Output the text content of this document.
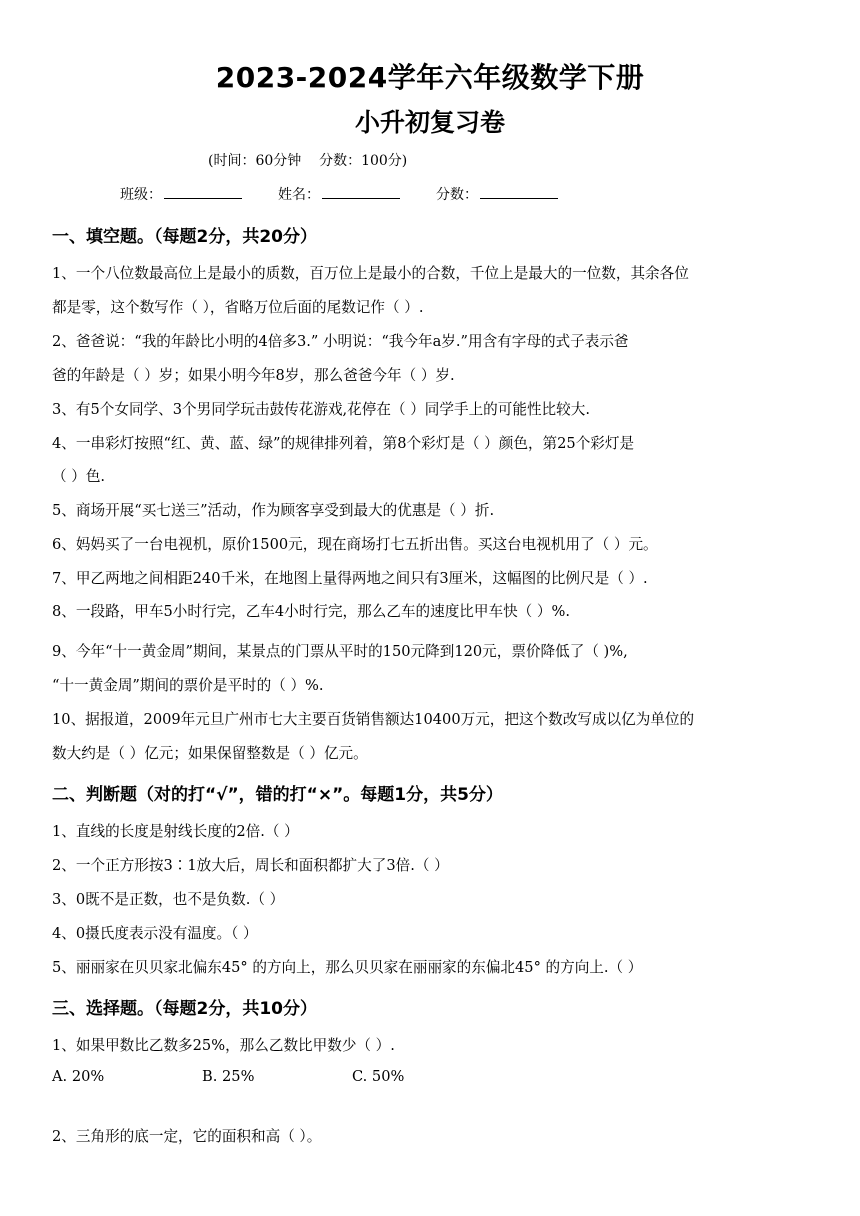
2023-2024学年六年级数学下册
小升初复习卷
(时间：60分钟    分数：100分)
班级：	姓名：	分数：
一、填空题。（每题2分，共20分）
1、一个八位数最高位上是最小的质数，百万位上是最小的合数，千位上是最大的一位数，其余各位
都是零，这个数写作（ ），省略万位后面的尾数记作（ ）.
2、爸爸说：“我的年龄比小明的4倍多3.” 小明说：“我今年a岁.”用含有字母的式子表示爸
爸的年龄是（ ）岁；如果小明今年8岁，那么爸爸今年（ ）岁.
3、有5个女同学、3个男同学玩击鼓传花游戏,花停在（ ）同学手上的可能性比较大.
4、一串彩灯按照“红、黄、蓝、绿”的规律排列着，第8个彩灯是（ ）颜色，第25个彩灯是
（ ）色.
5、商场开展“买七送三”活动，作为顾客享受到最大的优惠是（ ）折.
6、妈妈买了一台电视机，原价1500元，现在商场打七五折出售。买这台电视机用了（ ）元。
7、甲乙两地之间相距240千米，在地图上量得两地之间只有3厘米，这幅图的比例尺是（ ）.
8、一段路，甲车5小时行完，乙车4小时行完，那么乙车的速度比甲车快（ ）%.
9、今年“十一黄金周”期间，某景点的门票从平时的150元降到120元，票价降低了（ )%,
“十一黄金周”期间的票价是平时的（ ）%.
10、据报道，2009年元旦广州市七大主要百货销售额达10400万元，把这个数改写成以亿为单位的
数大约是（ ）亿元；如果保留整数是（ ）亿元。
二、判断题（对的打“√”，错的打“×”。每题1分，共5分）
1、直线的长度是射线长度的2倍.（ ）
2、一个正方形按3∶1放大后，周长和面积都扩大了3倍.（ ）
3、0既不是正数，也不是负数.（ ）
4、0摄氏度表示没有温度。（ ）
5、丽丽家在贝贝家北偏东45° 的方向上，那么贝贝家在丽丽家的东偏北45° 的方向上.（ ）
三、选择题。（每题2分，共10分）
1、如果甲数比乙数多25%，那么乙数比甲数少（ ）.
A. 20%	B. 25%	C. 50%
2、三角形的底一定，它的面积和高（ ）。
